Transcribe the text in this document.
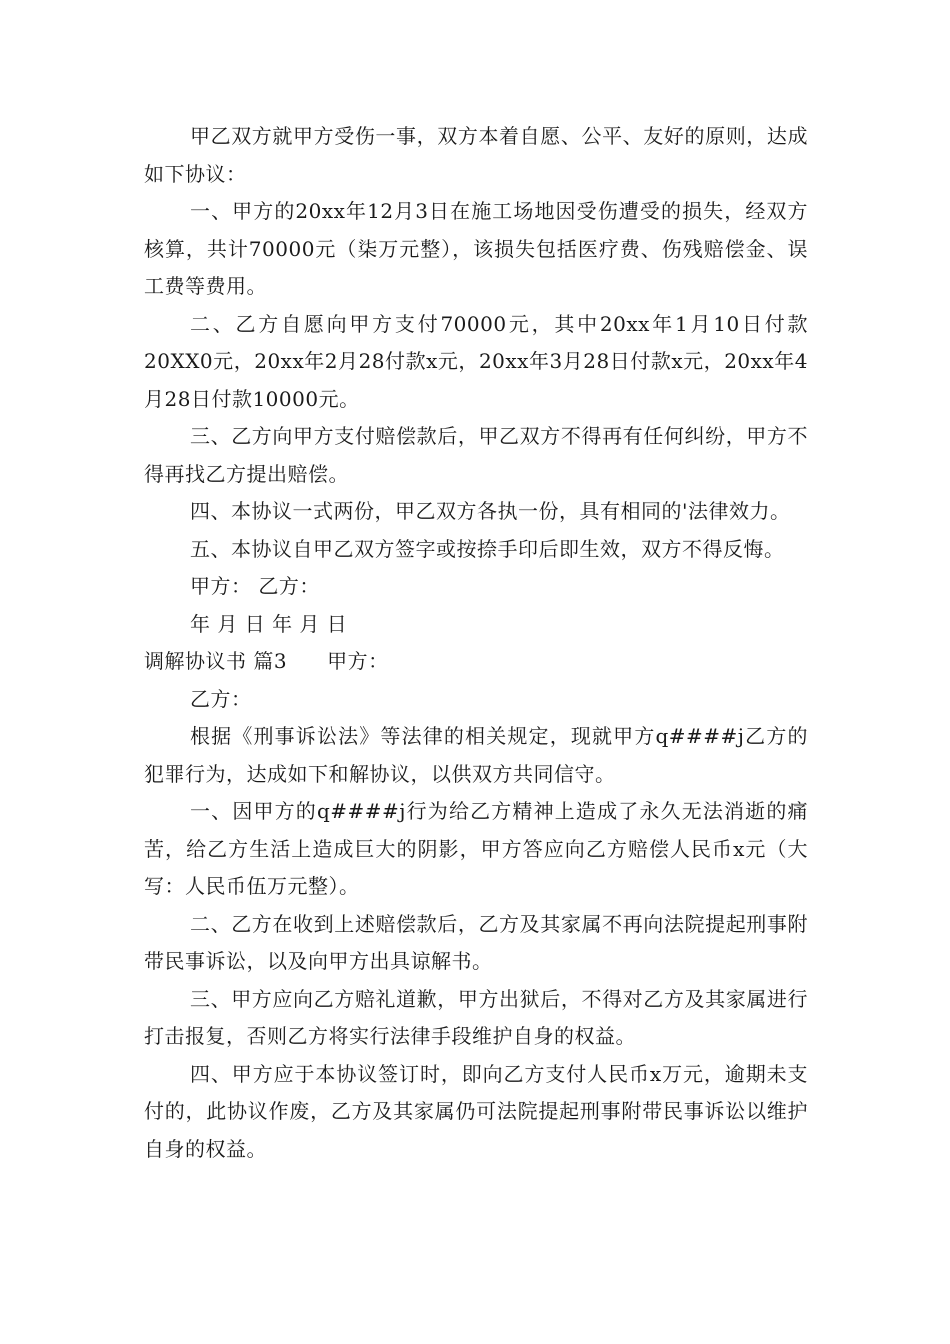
甲乙双方就甲方受伤一事，双方本着自愿、公平、友好的原则，达成如下协议：

一、甲方的20xx年12月3日在施工场地因受伤遭受的损失，经双方核算，共计70000元（柒万元整），该损失包括医疗费、伤残赔偿金、误工费等费用。

二、乙方自愿向甲方支付70000元，其中20xx年1月10日付款20XX0元，20xx年2月28付款x元，20xx年3月28日付款x元，20xx年4月28日付款10000元。

三、乙方向甲方支付赔偿款后，甲乙双方不得再有任何纠纷，甲方不得再找乙方提出赔偿。

四、本协议一式两份，甲乙双方各执一份，具有相同的'法律效力。

五、本协议自甲乙双方签字或按捺手印后即生效，双方不得反悔。

甲方： 乙方：

年 月 日 年 月 日

调解协议书 篇3 甲方：

乙方：

根据《刑事诉讼法》等法律的相关规定，现就甲方q####j乙方的犯罪行为，达成如下和解协议，以供双方共同信守。

一、因甲方的q####j行为给乙方精神上造成了永久无法消逝的痛苦，给乙方生活上造成巨大的阴影，甲方答应向乙方赔偿人民币x元（大写：人民币伍万元整）。

二、乙方在收到上述赔偿款后，乙方及其家属不再向法院提起刑事附带民事诉讼，以及向甲方出具谅解书。

三、甲方应向乙方赔礼道歉，甲方出狱后，不得对乙方及其家属进行打击报复，否则乙方将实行法律手段维护自身的权益。

四、甲方应于本协议签订时，即向乙方支付人民币x万元，逾期未支付的，此协议作废，乙方及其家属仍可法院提起刑事附带民事诉讼以维护自身的权益。
